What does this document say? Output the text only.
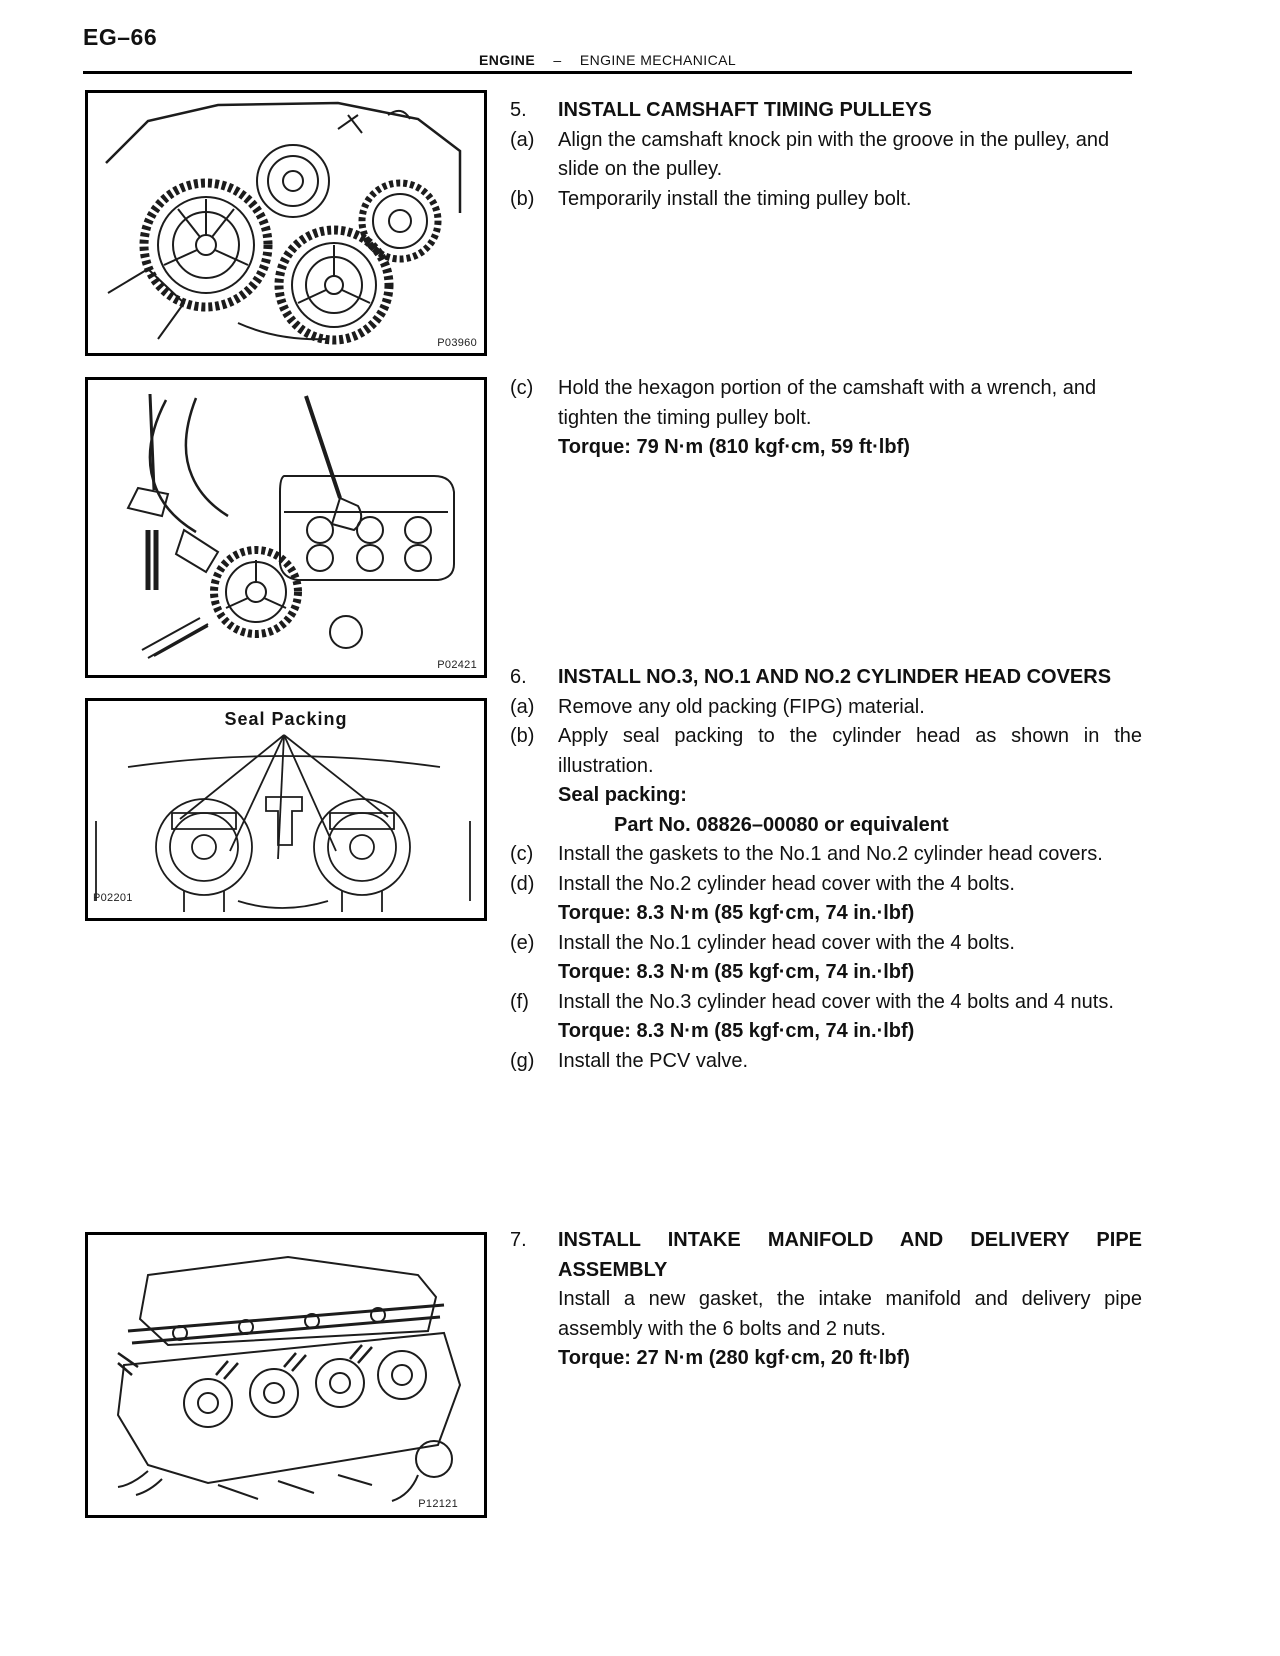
EG–66
ENGINE – ENGINE MECHANICAL
P03960
P02421
Seal Packing
P02201
P12121
5.	INSTALL CAMSHAFT TIMING PULLEYS
(a)	Align the camshaft knock pin with the groove in the pulley, and slide on the pulley.
(b)	Temporarily install the timing pulley bolt.
(c)	Hold the hexagon portion of the camshaft with a wrench, and tighten the timing pulley bolt.
Torque: 79 N·m (810 kgf·cm, 59 ft·lbf)
6.	INSTALL NO.3, NO.1 AND NO.2 CYLINDER HEAD COVERS
(a)	Remove any old packing (FIPG) material.
(b)	Apply seal packing to the cylinder head as shown in the illustration.
Seal packing:
Part No. 08826–00080 or equivalent
(c)	Install the gaskets to the No.1 and No.2 cylinder head covers.
(d)	Install the No.2 cylinder head cover with the 4 bolts.
Torque: 8.3 N·m (85 kgf·cm, 74 in.·lbf)
(e)	Install the No.1 cylinder head cover with the 4 bolts.
Torque: 8.3 N·m (85 kgf·cm, 74 in.·lbf)
(f)	Install the No.3 cylinder head cover with the 4 bolts and 4 nuts.
Torque: 8.3 N·m (85 kgf·cm, 74 in.·lbf)
(g)	Install the PCV valve.
7.	INSTALL INTAKE MANIFOLD AND DELIVERY PIPE ASSEMBLY
Install a new gasket, the intake manifold and delivery pipe assembly with the 6 bolts and 2 nuts.
Torque: 27 N·m (280 kgf·cm, 20 ft·lbf)
